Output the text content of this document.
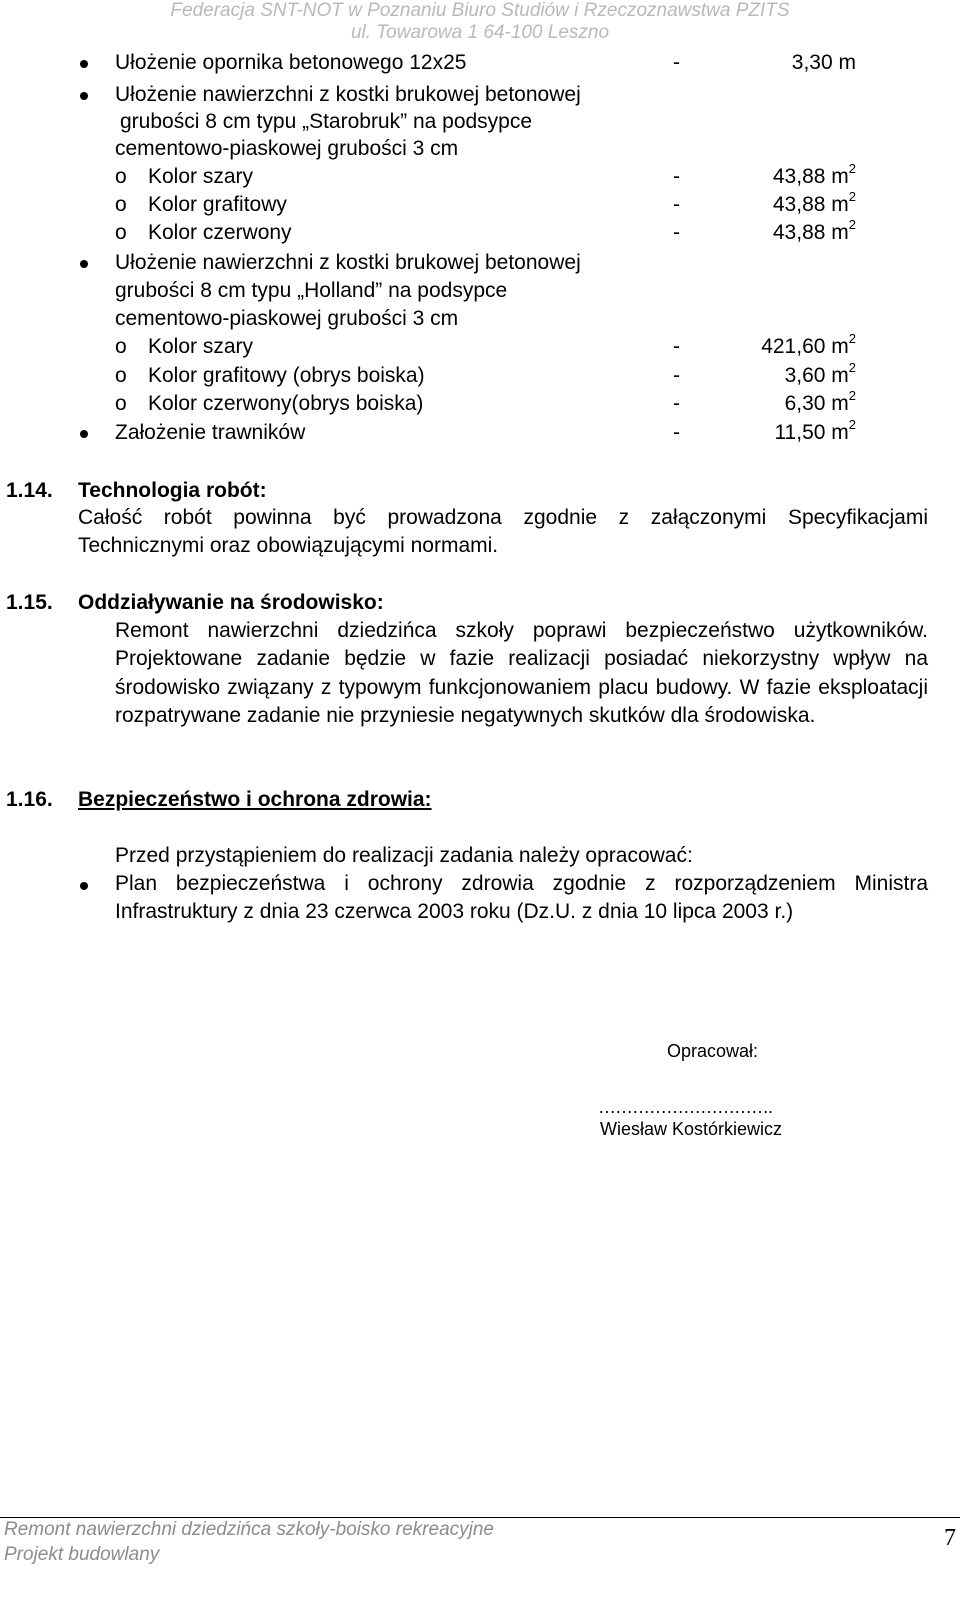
Federacja SNT-NOT w Poznaniu Biuro Studiów i Rzeczoznawstwa PZITS
ul. Towarowa 1 64-100 Leszno
Ułożenie opornika betonowego 12x25	-	3,30 m
Ułożenie nawierzchni z kostki brukowej betonowej
grubości 8 cm typu „Starobruk” na podsypce
cementowo-piaskowej grubości 3 cm
o Kolor szary	-	43,88 $m^2$
o Kolor grafitowy	-	43,88 $m^2$
o Kolor czerwony	-	43,88 $m^2$
Ułożenie nawierzchni z kostki brukowej betonowej
grubości 8 cm typu „Holland” na podsypce
cementowo-piaskowej grubości 3 cm
o Kolor szary	-	421,60 $m^2$
o Kolor grafitowy (obrys boiska)	-	3,60 $m^2$
o Kolor czerwony(obrys boiska)	-	6,30 $m^2$
Założenie trawników	-	11,50 $m^2$
1.14. Technologia robót:
Całość robót powinna być prowadzona zgodnie z załączonymi Specyfikacjami Technicznymi oraz obowiązującymi normami.
1.15. Oddziaływanie na środowisko:
Remont nawierzchni dziedzińca szkoły poprawi bezpieczeństwo użytkowników. Projektowane zadanie będzie w fazie realizacji posiadać niekorzystny wpływ na środowisko związany z typowym funkcjonowaniem placu budowy. W fazie eksploatacji rozpatrywane zadanie nie przyniesie negatywnych skutków dla środowiska.
1.16. Bezpieczeństwo i ochrona zdrowia:
Przed przystąpieniem do realizacji zadania należy opracować:
Plan bezpieczeństwa i ochrony zdrowia zgodnie z rozporządzeniem Ministra Infrastruktury z dnia 23 czerwca 2003 roku (Dz.U. z dnia 10 lipca 2003 r.)
Opracował:
………………………….
Wiesław Kostórkiewicz
Remont nawierzchni dziedzińca szkoły-boisko rekreacyjne
Projekt budowlany
7
